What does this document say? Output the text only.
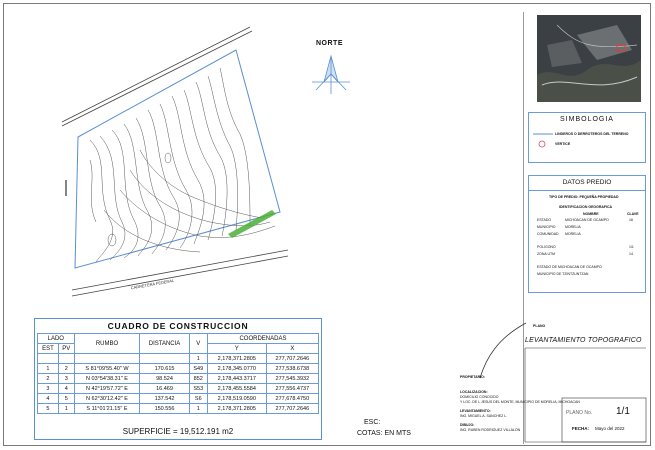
CARRETERA FEDERAL
NORTE
CUADRO DE CONSTRUCCION
LADO		RUMBO	DISTANCIA	V	COORDENADAS	
EST	PV				Y	X
				1	2,178,371.2805	277,707.2646
1	2	S 81°09'55.40" W	170.615	S49	2,178,345.0770	277,538.6738
2	3	N 03°54'38.31" E	98.524	852	2,178,443.3717	277,545.3932
3	4	N 42°19'57.72" E	16.469	S53	2,178,455.5584	277,556.4737
4	5	N 62°30'12.42" E	137.542	S6	2,178,519.0590	277,678.4750
5	1	S 11°01'21.15" E	150.556	1	2,178,371.2805	277,707.2646
SUPERFICIE = 19,512.191 m2
ESC:
COTAS: EN MTS
SIMBOLOGIA
LINDEROS O DERROTEROS DEL TERRENO
VERTICE
DATOS PREDIO
TIPO DE PREDIO: PEQUEÑA PROPIEDAD
IDENTIFICACION GEOGRAFICA
NOMBRE	CLAVE
ESTADO	MICHOACAN DE OCAMPO	16
MUNICIPIO	MORELIA
COMUNIDAD MORELIA
POLIGONO	1/1
ZONA UTM	14
ESTADO DE MICHOACAN DE OCAMPO
MUNICIPIO DE TZINTZUNTZAN
PLANO
LEVANTAMIENTO TOPOGRAFICO
PROPIETARIO:
LOCALIZACION:
DOMICILIO CONOCIDO
Y LOC. DE L JESUS DEL MONTE, MUNICIPIO DE MORELIA, MICHOACAN
LEVANTAMIENTO:
ING. MIGUEL A. SANCHEZ L.
DIBUJO:
ING. RUBEN RODRIGUEZ VILLALON
PLANO No. 1/1
FECHA: Mayo del 2022
